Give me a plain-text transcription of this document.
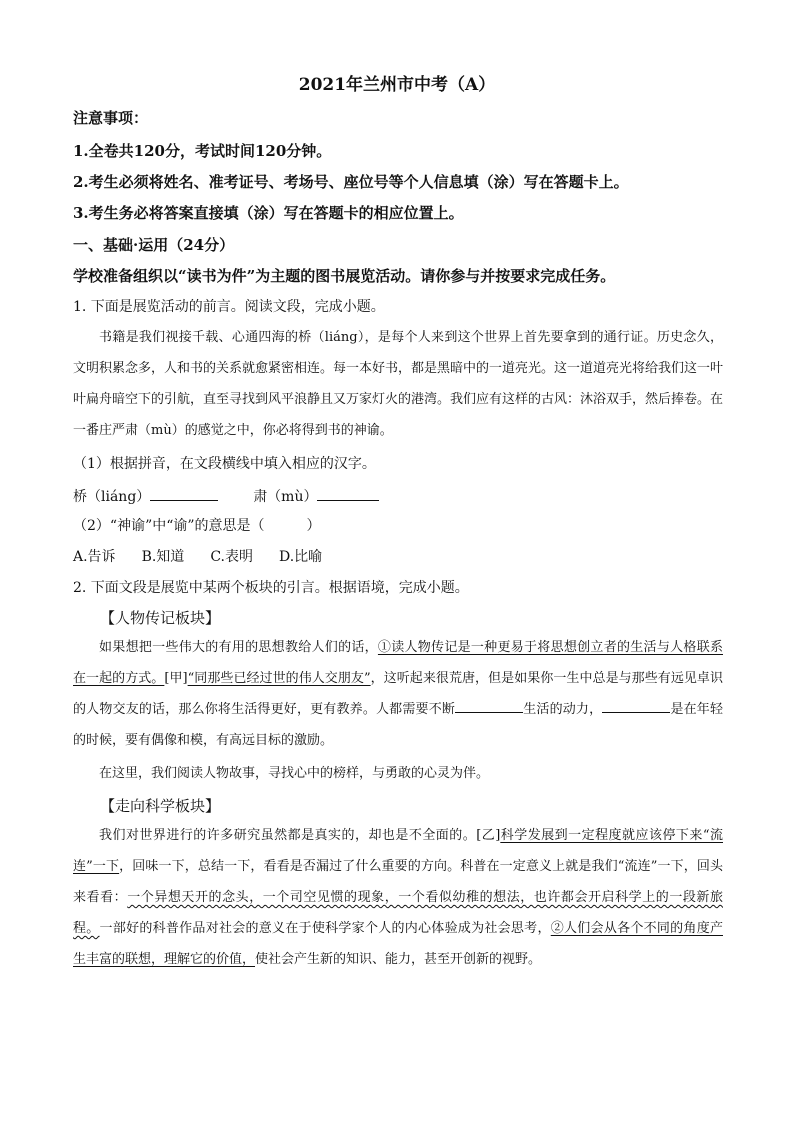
2021年兰州市中考（A）
注意事项：
1.全卷共120分，考试时间120分钟。
2.考生必须将姓名、准考证号、考场号、座位号等个人信息填（涂）写在答题卡上。
3.考生务必将答案直接填（涂）写在答题卡的相应位置上。
一、基础·运用（24分）
学校准备组织以“读书为件”为主题的图书展览活动。请你参与并按要求完成任务。
1. 下面是展览活动的前言。阅读文段，完成小题。
书籍是我们视接千载、心通四海的桥（liáng），是每个人来到这个世界上首先要拿到的通行证。历史念久，文明积累念多，人和书的关系就愈紧密相连。每一本好书，都是黑暗中的一道亮光。这一道道亮光将给我们这一叶叶扁舟暗空下的引航，直至寻找到风平浪静且又万家灯火的港湾。我们应有这样的古风：沐浴双手，然后捧卷。在一番庄严肃（mù）的感觉之中，你必将得到书的神谕。
（1）根据拼音，在文段横线中填入相应的汉字。
桥（liáng）	肃（mù）
（2）“神谕”中“谕”的意思是（　　　）
A.告诉 B.知道 C.表明 D.比喻
2. 下面文段是展览中某两个板块的引言。根据语境，完成小题。
【人物传记板块】
如果想把一些伟大的有用的思想教给人们的话，①读人物传记是一种更易于将思想创立者的生活与人格联系在一起的方式。[甲]“同那些已经过世的伟人交朋友”，这听起来很荒唐，但是如果你一生中总是与那些有远见卓识的人物交友的话，那么你将生活得更好，更有教养。人都需要不断	生活的动力，	是在年轻的时候，要有偶像和模，有高远目标的激励。
在这里，我们阅读人物故事，寻找心中的榜样，与勇敢的心灵为伴。
【走向科学板块】
我们对世界进行的许多研究虽然都是真实的，却也是不全面的。[乙]科学发展到一定程度就应该停下来“流连”一下，回味一下，总结一下，看看是否漏过了什么重要的方向。科普在一定意义上就是我们“流连”一下，回头来看看：一个异想天开的念头，一个司空见惯的现象，一个看似幼稚的想法，也许都会开启科学上的一段新旅程。一部好的科普作品对社会的意义在于使科学家个人的内心体验成为社会思考，②人们会从各个不同的角度产生丰富的联想，理解它的价值，使社会产生新的知识、能力，甚至开创新的视野。
